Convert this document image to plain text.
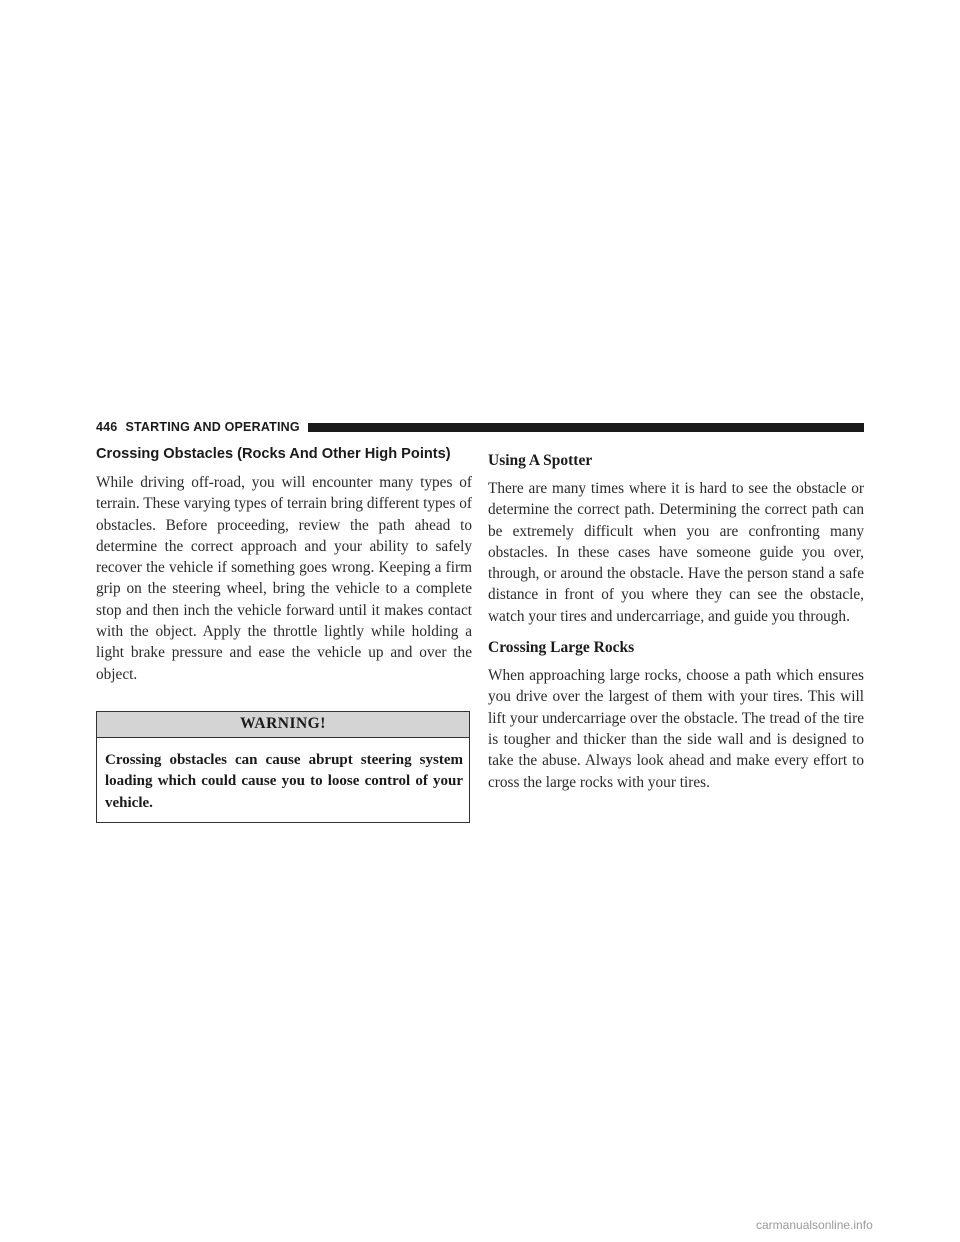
446 STARTING AND OPERATING
Crossing Obstacles (Rocks And Other High Points)

While driving off-road, you will encounter many types of terrain. These varying types of terrain bring different types of obstacles. Before proceeding, review the path ahead to determine the correct approach and your ability to safely recover the vehicle if something goes wrong. Keeping a firm grip on the steering wheel, bring the vehicle to a complete stop and then inch the vehicle forward until it makes contact with the object. Apply the throttle lightly while holding a light brake pressure and ease the vehicle up and over the object.

WARNING!
Crossing obstacles can cause abrupt steering system loading which could cause you to loose control of your vehicle.
Using A Spotter

There are many times where it is hard to see the obstacle or determine the correct path. Determining the correct path can be extremely difficult when you are confronting many obstacles. In these cases have someone guide you over, through, or around the obstacle. Have the person stand a safe distance in front of you where they can see the obstacle, watch your tires and undercarriage, and guide you through.

Crossing Large Rocks

When approaching large rocks, choose a path which ensures you drive over the largest of them with your tires. This will lift your undercarriage over the obstacle. The tread of the tire is tougher and thicker than the side wall and is designed to take the abuse. Always look ahead and make every effort to cross the large rocks with your tires.

carmanualsonline.info
